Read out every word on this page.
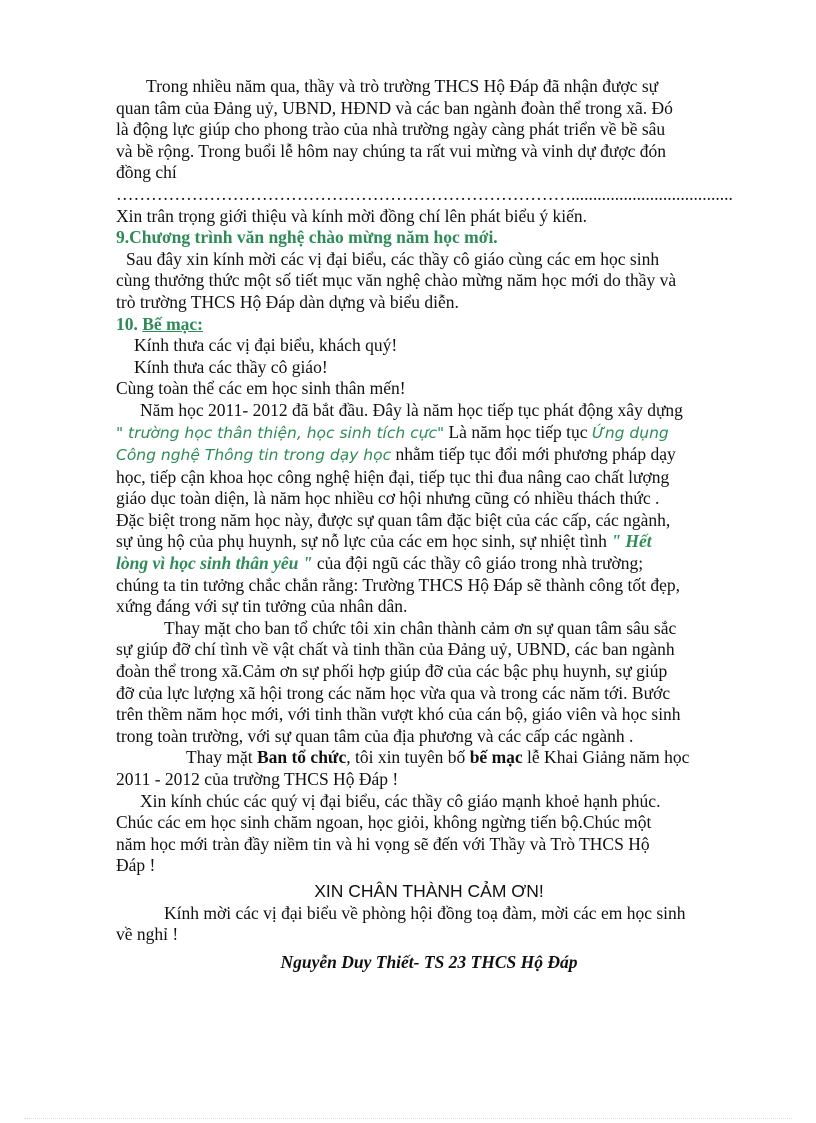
Trong nhiều năm qua, thầy và trò trường THCS Hộ Đáp đã nhận được sự
quan tâm của Đảng uỷ, UBND, HĐND và các ban ngành đoàn thể trong xã. Đó
là động lực giúp cho phong trào của nhà trường ngày càng phát triển về bề sâu
và bề rộng. Trong buổi lễ hôm nay chúng ta rất vui mừng và vinh dự được đón
đồng chí …………………………………………………………………….....................................
Xin trân trọng giới thiệu và kính mời đồng chí lên phát biểu ý kiến.
9.Chương trình văn nghệ chào mừng năm học mới.
Sau đây xin kính mời các vị đại biểu, các thầy cô giáo cùng các em học sinh
cùng thưởng thức một số tiết mục văn nghệ chào mừng năm học mới do thầy và
trò trường THCS Hộ Đáp dàn dựng và biểu diễn.
10. Bế mạc:
Kính thưa các vị đại biểu, khách quý!
Kính thưa các thầy cô giáo!
Cùng toàn thể các em học sinh thân mến!
Năm học 2011- 2012 đã bắt đầu. Đây là năm học tiếp tục phát động xây dựng
" trường học thân thiện, học sinh tích cực" Là năm học tiếp tục Ứng dụng
Công nghệ Thông tin trong dạy học nhằm tiếp tục đổi mới phương pháp dạy
học, tiếp cận khoa học công nghệ hiện đại, tiếp tục thi đua nâng cao chất lượng
giáo dục toàn diện, là năm học nhiều cơ hội nhưng cũng có nhiều thách thức .
Đặc biệt trong năm học này, được sự quan tâm đặc biệt của các cấp, các ngành,
sự ủng hộ của phụ huynh, sự nỗ lực của các em học sinh, sự nhiệt tình " Hết
lòng vì học sinh thân yêu " của đội ngũ các thầy cô giáo trong nhà trường;
chúng ta tin tưởng chắc chắn rằng: Trường THCS Hộ Đáp sẽ thành công tốt đẹp,
xứng đáng với sự tin tưởng của nhân dân.
Thay mặt cho ban tổ chức tôi xin chân thành cảm ơn sự quan tâm sâu sắc
sự giúp đỡ chí tình về vật chất và tinh thần của Đảng uỷ, UBND, các ban ngành
đoàn thể trong xã.Cảm ơn sự phối hợp giúp đỡ của các bậc phụ huynh, sự giúp
đỡ của lực lượng xã hội trong các năm học vừa qua và trong các năm tới. Bước
trên thềm năm học mới, với tinh thần vượt khó của cán bộ, giáo viên và học sinh
trong toàn trường, với sự quan tâm của địa phương và các cấp các ngành .
Thay mặt Ban tổ chức, tôi xin tuyên bố bế mạc lễ Khai Giảng năm học
2011 - 2012 của trường THCS Hộ Đáp !
Xin kính chúc các quý vị đại biểu, các thầy cô giáo mạnh khoẻ hạnh phúc.
Chúc các em học sinh chăm ngoan, học giỏi, không ngừng tiến bộ.Chúc một
năm học mới tràn đầy niềm tin và hi vọng sẽ đến với Thầy và Trò THCS Hộ
Đáp !
XIN CHÂN THÀNH CẢM ƠN!
Kính mời các vị đại biểu về phòng hội đồng toạ đàm, mời các em học sinh
về nghỉ !
Nguyễn Duy Thiết- TS 23 THCS Hộ Đáp
